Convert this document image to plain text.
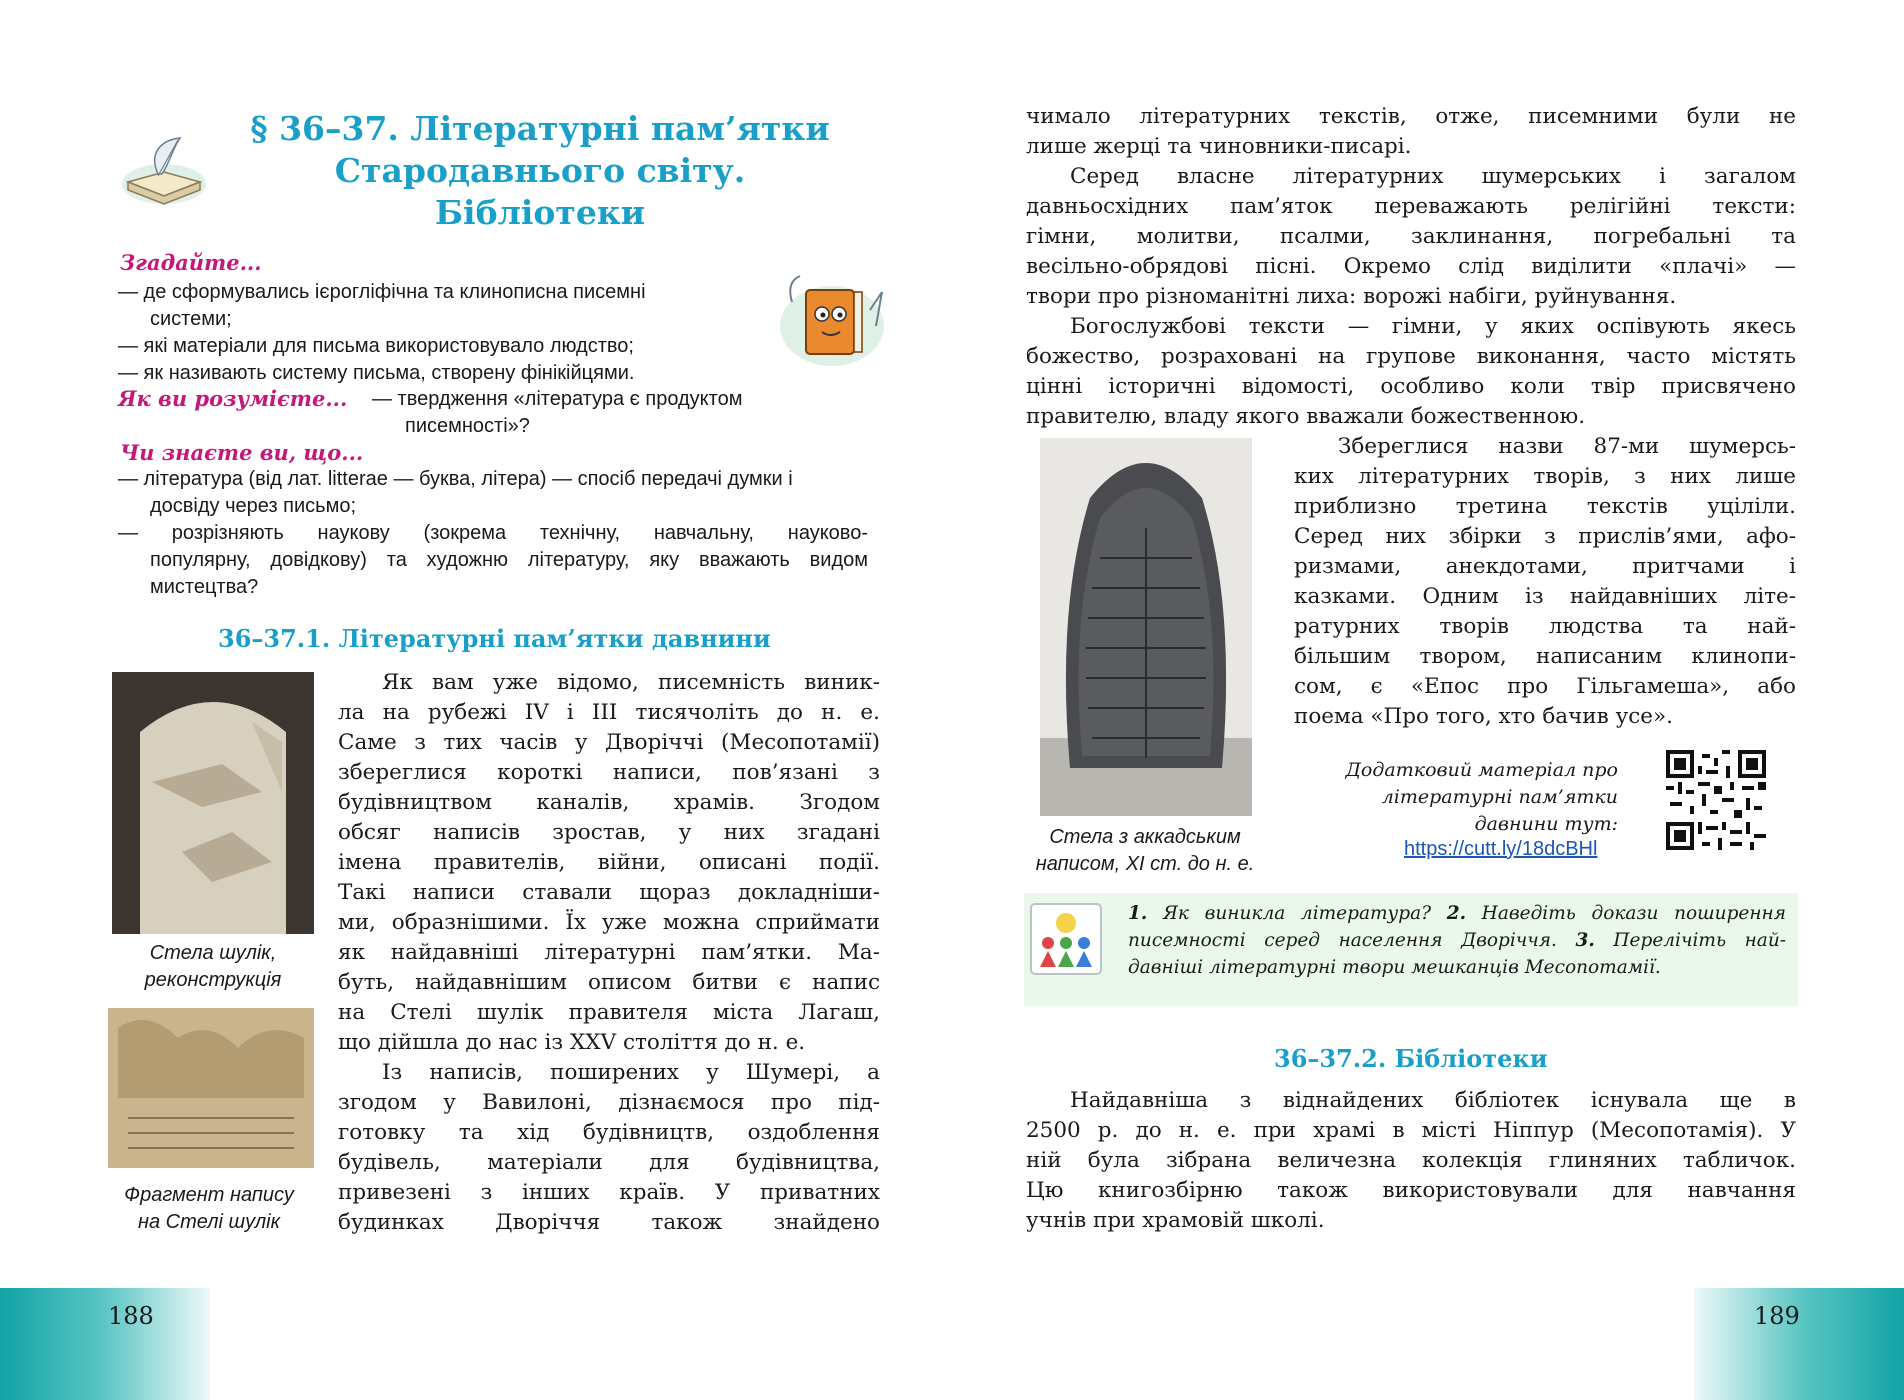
§ 36–37. Літературні пам’ятки
Стародавнього світу.
Бібліотеки
Згадайте...
— де сформувались ієрогліфічна та клинописна писемні
системи;
— які матеріали для письма використовувало людство;
— як називають систему письма, створену фінікійцями.
Як ви розумієте... — твердження «література є продуктом
писемності»?
Чи знаєте ви, що...
— література (від лат. litterae — буква, літера) — спосіб передачі думки і
досвіду через письмо;
— розрізняють наукову (зокрема технічну, навчальну, науково-
популярну, довідкову) та художню літературу, яку вважають видом
мистецтва?
36–37.1. Літературні пам’ятки давнини
Стела шулік,
реконструкція
Фрагмент напису
на Стелі шулік
Як вам уже відомо, писемність виник-
ла на рубежі IV і III тисячоліть до н. е.
Саме з тих часів у Дворіччі (Месопотамії)
збереглися короткі написи, пов’язані з
будівництвом каналів, храмів. Згодом
обсяг написів зростав, у них згадані
імена правителів, війни, описані події.
Такі написи ставали щораз докладніши-
ми, образнішими. Їх уже можна сприймати
як найдавніші літературні пам’ятки. Ма-
буть, найдавнішим описом битви є напис
на Стелі шулік правителя міста Лагаш,
що дійшла до нас із XXV століття до н. е.
Із написів, поширених у Шумері, а
згодом у Вавилоні, дізнаємося про під-
готовку та хід будівництв, оздоблення
будівель, матеріали для будівництва,
привезені з інших країв. У приватних
будинках Дворіччя також знайдено
188
чимало літературних текстів, отже, писемними були не
лише жерці та чиновники-писарі.
Серед власне літературних шумерських і загалом
давньосхідних пам’яток переважають релігійні тексти:
гімни, молитви, псалми, заклинання, погребальні та
весільно-обрядові пісні. Окремо слід виділити «плачі» —
твори про різноманітні лиха: ворожі набіги, руйнування.
Богослужбові тексти — гімни, у яких оспівують якесь
божество, розраховані на групове виконання, часто містять
цінні історичні відомості, особливо коли твір присвячено
правителю, владу якого вважали божественною.
Стела з аккадським
написом, XI ст. до н. е.
Збереглися назви 87-ми шумерсь-
ких літературних творів, з них лише
приблизно третина текстів уціліли.
Серед них збірки з прислів’ями, афо-
ризмами, анекдотами, притчами і
казками. Одним із найдавніших літе-
ратурних творів людства та най-
більшим твором, написаним клинопи-
сом, є «Епос про Гільгамеша», або
поема «Про того, хто бачив усе».
Додатковий матеріал про
літературні пам’ятки
давнини тут:
https://cutt.ly/18dcBHl
1. Як виникла література? 2. Наведіть докази поширення
писемності серед населення Дворіччя. 3. Перелічіть най-
давніші літературні твори мешканців Месопотамії.
36–37.2. Бібліотеки
Найдавніша з віднайдених бібліотек існувала ще в
2500 р. до н. е. при храмі в місті Ніппур (Месопотамія). У
ній була зібрана величезна колекція глиняних табличок.
Цю книгозбірню також використовували для навчання
учнів при храмовій школі.
189
